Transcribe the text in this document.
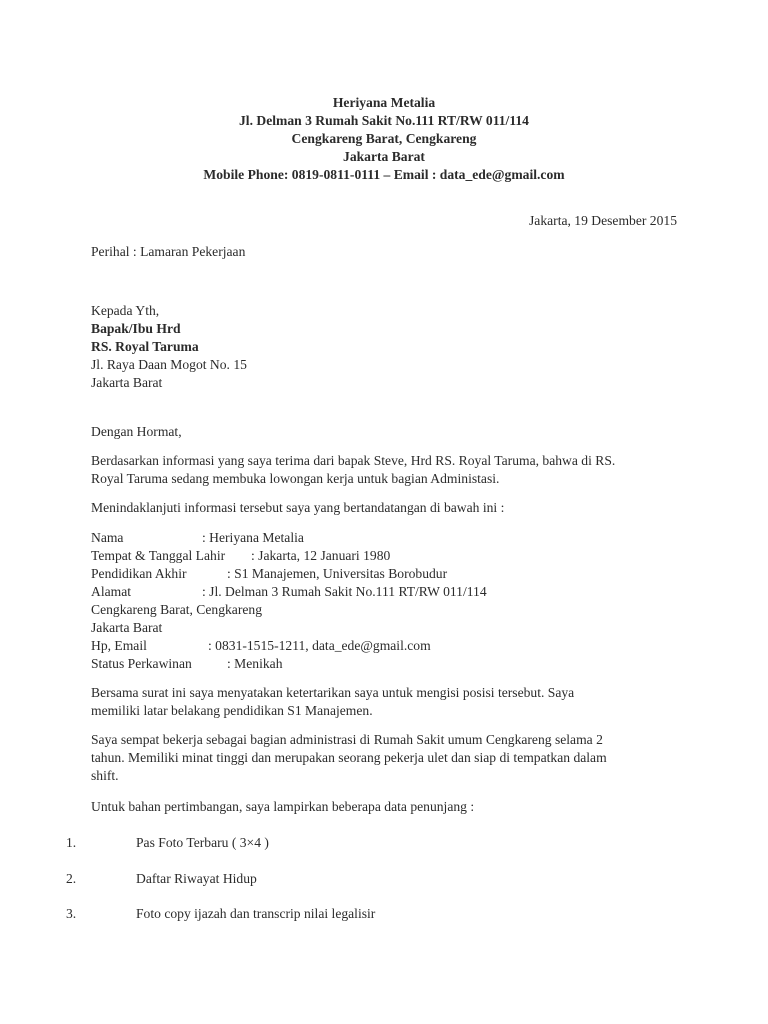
Heriyana Metalia
Jl. Delman 3 Rumah Sakit No.111 RT/RW 011/114
Cengkareng Barat, Cengkareng
Jakarta Barat
Mobile Phone: 0819-0811-0111 – Email : data_ede@gmail.com
Jakarta, 19 Desember 2015
Perihal : Lamaran Pekerjaan
Kepada Yth,
Bapak/Ibu Hrd
RS. Royal Taruma
Jl. Raya Daan Mogot No. 15
Jakarta Barat
Dengan Hormat,
Berdasarkan informasi yang saya terima dari bapak Steve, Hrd RS. Royal Taruma, bahwa di RS.
Royal Taruma sedang membuka lowongan kerja untuk bagian Administasi.
Menindaklanjuti informasi tersebut saya yang bertandatangan di bawah ini :
Nama	: Heriyana Metalia
Tempat & Tanggal Lahir : Jakarta, 12 Januari 1980
Pendidikan Akhir	: S1 Manajemen, Universitas Borobudur
Alamat	: Jl. Delman 3 Rumah Sakit No.111 RT/RW 011/114
Cengkareng Barat, Cengkareng
Jakarta Barat
Hp, Email	: 0831-1515-1211, data_ede@gmail.com
Status Perkawinan	: Menikah
Bersama surat ini saya menyatakan ketertarikan saya untuk mengisi posisi tersebut. Saya
memiliki latar belakang pendidikan S1 Manajemen.
Saya sempat bekerja sebagai bagian administrasi di Rumah Sakit umum Cengkareng selama 2
tahun. Memiliki minat tinggi dan merupakan seorang pekerja ulet dan siap di tempatkan dalam
shift.
Untuk bahan pertimbangan, saya lampirkan beberapa data penunjang :
1.	Pas Foto Terbaru ( 3×4 )
2.	Daftar Riwayat Hidup
3.	Foto copy ijazah dan transcrip nilai legalisir
